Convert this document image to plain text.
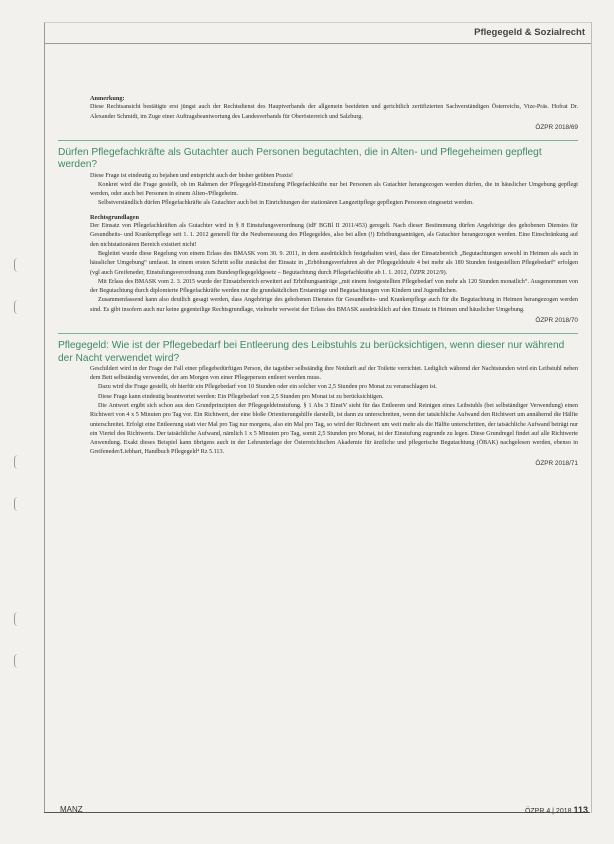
Pflegegeld & Sozialrecht
Anmerkung:
Diese Rechtsansicht bestätigte erst jüngst auch der Rechtsdienst des Hauptverbands der allgemein beeideten und gerichtlich zertifizierten Sachverständigen Österreichs, Vize-Präs. Hofrat Dr. Alexander Schmidt, im Zuge einer Auftragsbeantwortung des Landesverbands für Oberösterreich und Salzburg.
ÖZPR 2018/69
Dürfen Pflegefachkräfte als Gutachter auch Personen begutachten, die in Alten- und Pflegeheimen gepflegt werden?

Diese Frage ist eindeutig zu bejahen und entspricht auch der bisher geübten Praxis!

Konkret wird die Frage gestellt, ob im Rahmen der Pflegegeld-Einstufung Pflegefachkräfte nur bei Personen als Gutachter herangezogen werden dürfen, die in häuslicher Umgebung gepflegt werden, oder auch bei Personen in einem Alten-/Pflegeheim.

Selbstverständlich dürfen Pflegefachkräfte als Gutachter auch bei in Einrichtungen der stationären Langzeitpflege gepflegten Personen eingesetzt werden.

Rechtsgrundlagen

Der Einsatz von Pflegefachkräften als Gutachter wird in § 8 Einstufungsverordnung (idF BGBl II 2011/453) geregelt. Nach dieser Bestimmung dürfen Angehörige des gehobenen Dienstes für Gesundheits- und Krankenpflege seit 1. 1. 2012 generell für die Neubemessung des Pflegegeldes, also bei allen (!) Erhöhungsanträgen, als Gutachter herangezogen werden. Eine Einschränkung auf den nichtstationären Bereich existiert nicht!

Begleitet wurde diese Regelung von einem Erlass des BMASK vom 30. 9. 2011, in dem ausdrücklich festgehalten wird, dass der Einsatzbereich „Begutachtungen sowohl in Heimen als auch in häuslicher Umgebung“ umfasst. In einem ersten Schritt sollte zunächst der Einsatz in „Erhöhungsverfahren ab der Pflegegeldstufe 4 bei mehr als 180 Stunden festgestellten Pflegebedarf“ erfolgen (vgl auch Greifeneder, Einstufungsverordnung zum Bundespflegegeldgesetz – Begutachtung durch Pflegefachkräfte ab 1. 1. 2012, ÖZPR 2012/9).

Mit Erlass des BMASK vom 2. 3. 2015 wurde der Einsatzbereich erweitert auf Erhöhungsanträge „mit einem festgestellten Pflegebedarf von mehr als 120 Stunden monatlich“. Ausgenommen von der Begutachtung durch diplomierte Pflegefachkräfte werden nur die grundsätzlichen Erstanträge und Begutachtungen von Kindern und Jugendlichen.

Zusammenfassend kann also deutlich gesagt werden, dass Angehörige des gehobenen Dienstes für Gesundheits- und Krankenpflege auch für die Begutachtung in Heimen herangezogen werden sind. Es gibt insofern auch nur keine gegenteilige Rechtsgrundlage, vielmehr verweist der Erlass des BMASK ausdrücklich auf den Einsatz in Heimen und häuslicher Umgebung.

ÖZPR 2018/70
Pflegegeld: Wie ist der Pflegebedarf bei Entleerung des Leibstuhls zu berücksichtigen, wenn dieser nur während der Nacht verwendet wird?

Geschildert wird in der Frage der Fall einer pflegebedürftigen Person, die tagsüber selbständig ihre Notdurft auf der Toilette verrichtet. Lediglich während der Nachtstunden wird ein Leibstuhl neben dem Bett selbständig verwendet, der am Morgen von einer Pflegeperson entleert werden muss.

Dazu wird die Frage gestellt, ob hierfür ein Pflegebedarf von 10 Stunden oder ein solcher von 2,5 Stunden pro Monat zu veranschlagen ist.

Diese Frage kann eindeutig beantwortet werden: Ein Pflegebedarf von 2,5 Stunden pro Monat ist zu berücksichtigen.

Die Antwort ergibt sich schon aus den Grundprinzipien der Pflegegeldeinstufung. § 1 Abs 3 EinstV sieht für das Entleeren und Reinigen eines Leibstuhls (bei selbständiger Verwendung) einen Richtwert von 4 x 5 Minuten pro Tag vor. Ein Richtwert, der eine bloße Orientierungshilfe darstellt, ist dann zu unterschreiten, wenn der tatsächliche Aufwand den Richtwert um annähernd die Hälfte unterschreitet. Erfolgt eine Entleerung statt vier Mal pro Tag nur morgens, also ein Mal pro Tag, so wird der Richtwert um weit mehr als die Hälfte unterschritten, der tatsächliche Aufwand beträgt nur ein Viertel des Richtwerts. Der tatsächliche Aufwand, nämlich 1 x 5 Minuten pro Tag, somit 2,5 Stunden pro Monat, ist der Einstufung zugrunde zu legen. Diese Grundregel findet auf alle Richtwerte Anwendung. Exakt dieses Beispiel kann übrigens auch in der Lehrunterlage der Österreichischen Akademie für ärztliche und pflegerische Begutachtung (ÖBAK) nachgelesen werden, ebenso in Greifeneder/Liebhart, Handbuch Pflegegeld⁴ Rz 5.113.

ÖZPR 2018/71
MANZ	ÖZPR 4 | 2018 113
